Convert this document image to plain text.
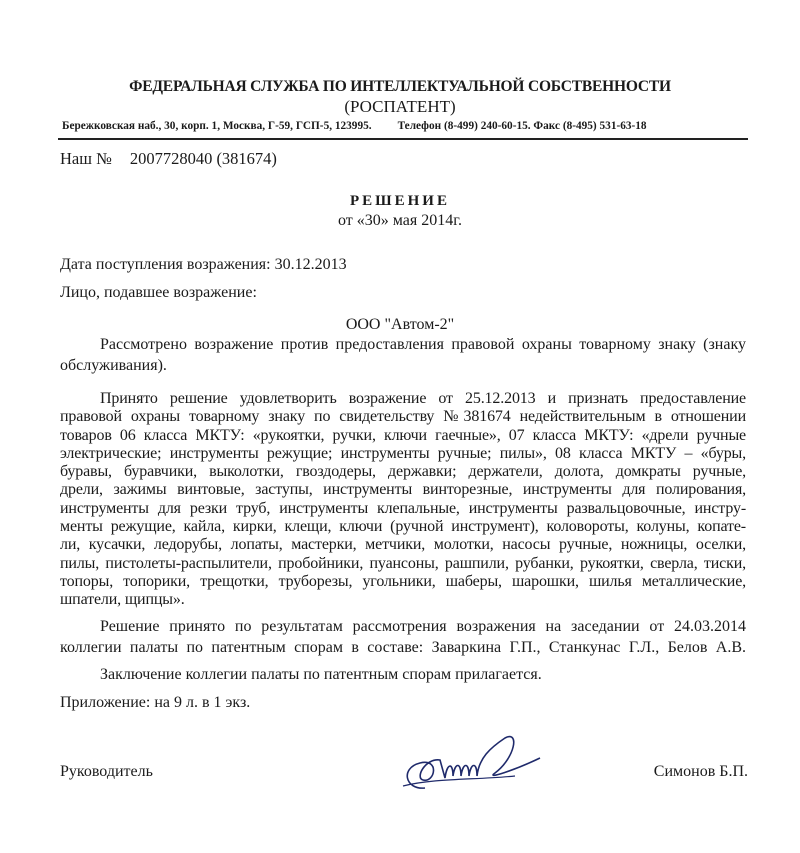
ФЕДЕРАЛЬНАЯ СЛУЖБА ПО ИНТЕЛЛЕКТУАЛЬНОЙ СОБСТВЕННОСТИ
(РОСПАТЕНТ)
Бережковская наб., 30, корп. 1, Москва, Г-59, ГСП-5, 123995. Телефон (8-499) 240-60-15. Факс (8-495) 531-63-18
Наш № 2007728040 (381674)
РЕШЕНИЕ
от «30» мая 2014г.
Дата поступления возражения: 30.12.2013
Лицо, подавшее возражение:
ООО "Автом-2"
Рассмотрено возражение против предоставления правовой охраны товарному знаку (знаку
обслуживания).
Принято решение удовлетворить возражение от 25.12.2013 и признать предоставление
правовой охраны товарному знаку по свидетельству №381674 недействительным в отношении
товаров 06 класса МКТУ: «рукоятки, ручки, ключи гаечные», 07 класса МКТУ: «дрели ручные
электрические; инструменты режущие; инструменты ручные; пилы», 08 класса МКТУ – «буры,
буравы, буравчики, выколотки, гвоздодеры, державки; держатели, долота, домкраты ручные,
дрели, зажимы винтовые, заступы, инструменты винторезные, инструменты для полирования,
инструменты для резки труб, инструменты клепальные, инструменты развальцовочные, инстру-
менты режущие, кайла, кирки, клещи, ключи (ручной инструмент), коловороты, колуны, копате-
ли, кусачки, ледорубы, лопаты, мастерки, метчики, молотки, насосы ручные, ножницы, оселки,
пилы, пистолеты-распылители, пробойники, пуансоны, рашпили, рубанки, рукоятки, сверла, тиски,
топоры, топорики, трещотки, труборезы, угольники, шаберы, шарошки, шилья металлические,
шпатели, щипцы».
Решение принято по результатам рассмотрения возражения на заседании от 24.03.2014
коллегии палаты по патентным спорам в составе: Заваркина Г.П., Станкунас Г.Л., Белов А.В.
Заключение коллегии палаты по патентным спорам прилагается.
Приложение: на 9 л. в 1 экз.
Руководитель	Симонов Б.П.
